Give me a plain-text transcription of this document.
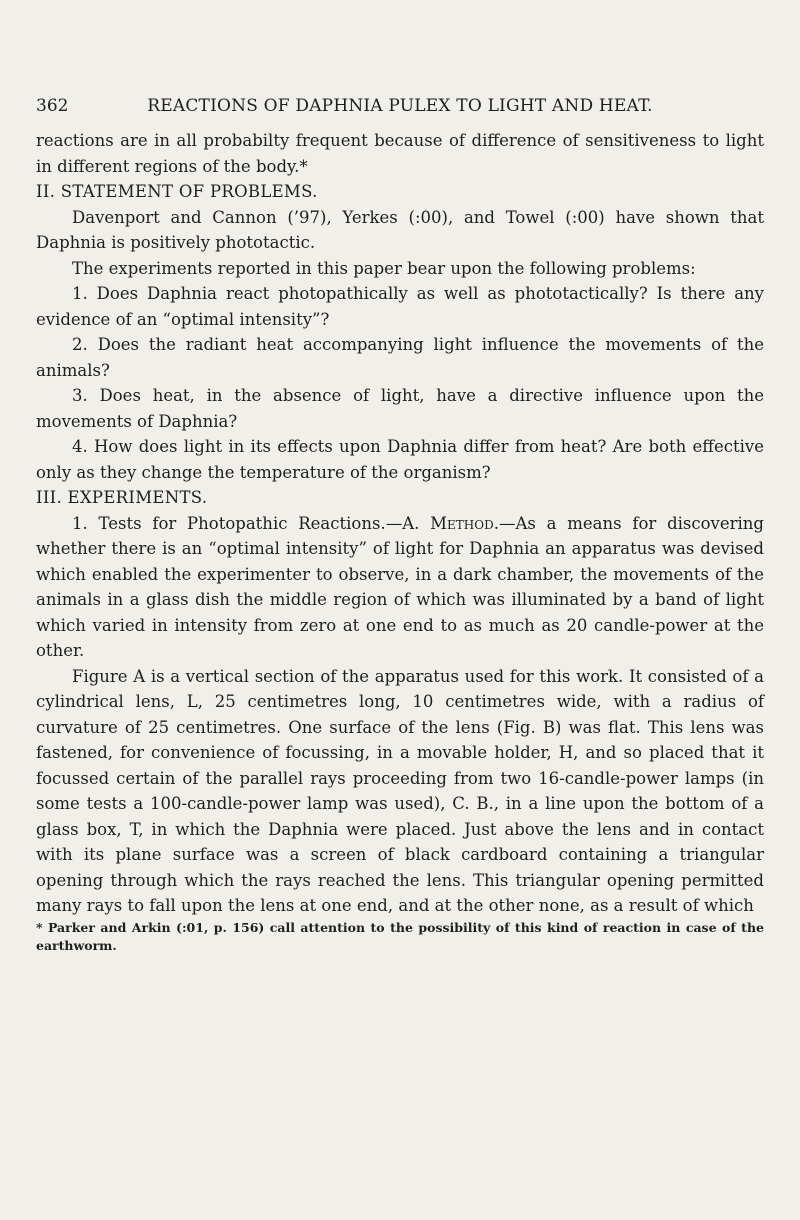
362	REACTIONS OF DAPHNIA PULEX TO LIGHT AND HEAT.

reactions are in all probabilty frequent because of difference of sensitiveness to light in different regions of the body.*

II. STATEMENT OF PROBLEMS.

Davenport and Cannon (’97), Yerkes (:00), and Towel (:00) have shown that Daphnia is positively phototactic.

The experiments reported in this paper bear upon the following problems:

1. Does Daphnia react photopathically as well as phototactically? Is there any evidence of an “optimal intensity”?

2. Does the radiant heat accompanying light influence the movements of the animals?

3. Does heat, in the absence of light, have a directive influence upon the movements of Daphnia?

4. How does light in its effects upon Daphnia differ from heat? Are both effective only as they change the temperature of the organism?

III. EXPERIMENTS.

1. Tests for Photopathic Reactions.—A. Method.—As a means for discovering whether there is an “optimal intensity” of light for Daphnia an apparatus was devised which enabled the experimenter to observe, in a dark chamber, the movements of the animals in a glass dish the middle region of which was illuminated by a band of light which varied in intensity from zero at one end to as much as 20 candle-power at the other.

Figure A is a vertical section of the apparatus used for this work. It consisted of a cylindrical lens, L, 25 centimetres long, 10 centimetres wide, with a radius of curvature of 25 centimetres. One surface of the lens (Fig. B) was flat. This lens was fastened, for convenience of focussing, in a movable holder, H, and so placed that it focussed certain of the parallel rays proceeding from two 16-candle-power lamps (in some tests a 100-candle-power lamp was used), C. B., in a line upon the bottom of a glass box, T, in which the Daphnia were placed. Just above the lens and in contact with its plane surface was a screen of black cardboard containing a triangular opening through which the rays reached the lens. This triangular opening permitted many rays to fall upon the lens at one end, and at the other none, as a result of which

* Parker and Arkin (:01, p. 156) call attention to the possibility of this kind of reaction in case of the earthworm.
